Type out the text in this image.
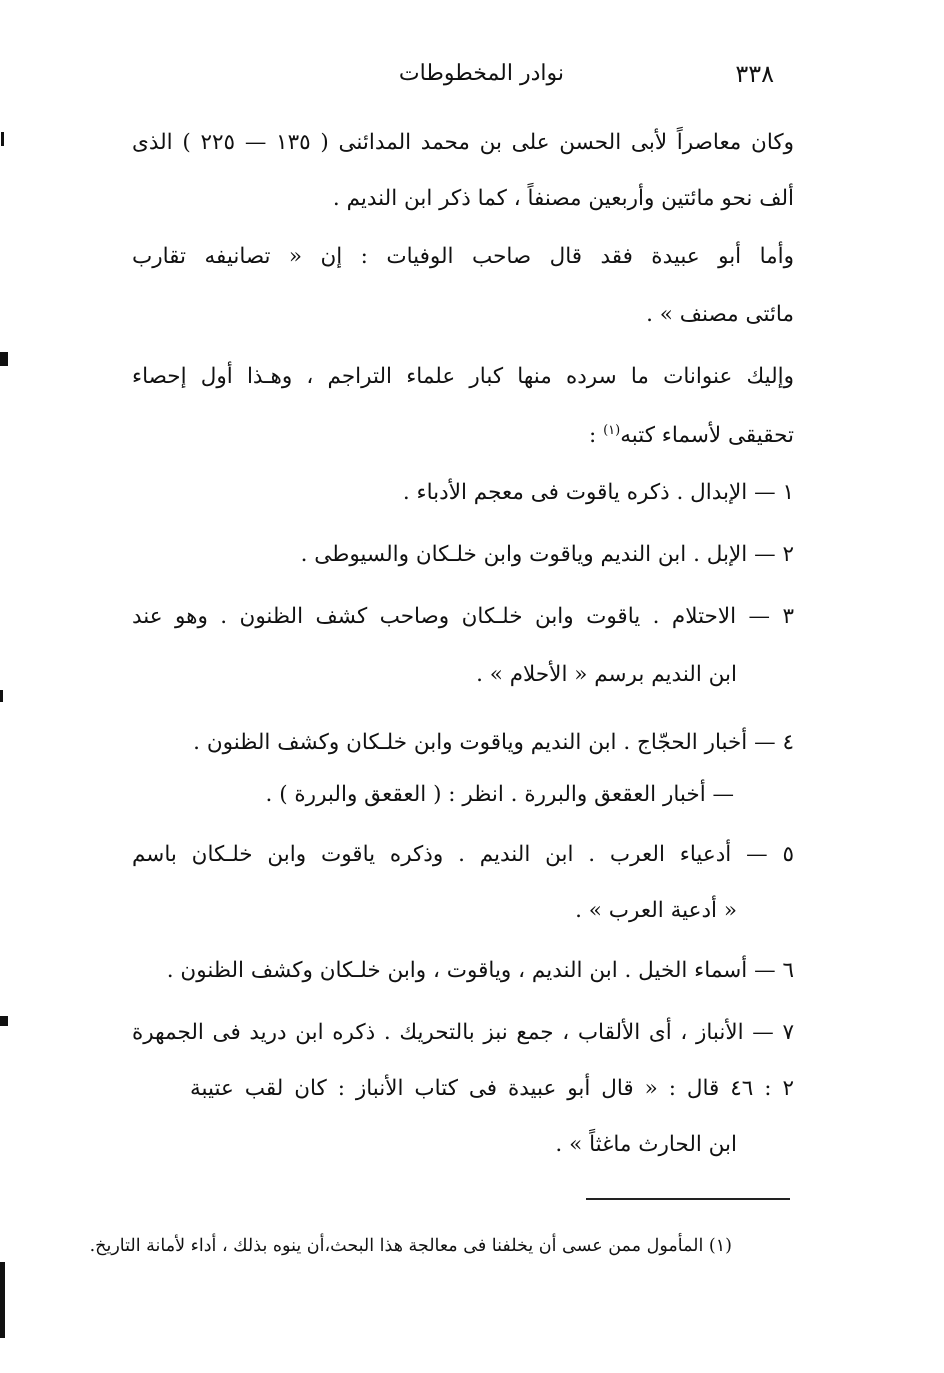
٣٣٨
نوادر المخطوطات
وكان معاصراً لأبى الحسن على بن محمد المدائنى ( ١٣٥ — ٢٢٥ ) الذى
ألف نحو مائتين وأربعين مصنفاً ، كما ذكر ابن النديم .
وأما أبو عبيدة فقد قال صاحب الوفيات : إن « تصانيفه تقارب
مائتى مصنف » .
وإليك عنوانات ما سرده منها كبار علماء التراجم ، وهـذا أول إحصاء
تحقيقى لأسماء كتبه$^{(١)}$ :
١ — الإبدال . ذكره ياقوت فى معجم الأدباء .
٢ — الإبل . ابن النديم وياقوت وابن خلـكان والسيوطى .
٣ — الاحتلام . ياقوت وابن خلـكان وصاحب كشف الظنون . وهو عند
ابن النديم برسم « الأحلام » .
٤ — أخبار الحجّاج . ابن النديم وياقوت وابن خلـكان وكشف الظنون .
— أخبار العقعق والبررة . انظر : ( العقعق والبررة ) .
٥ — أدعياء العرب . ابن النديم . وذكره ياقوت وابن خلـكان باسم
« أدعية العرب » .
٦ — أسماء الخيل . ابن النديم ، وياقوت ، وابن خلـكان وكشف الظنون .
٧ — الأنباز ، أى الألقاب ، جمع نبز بالتحريك . ذكره ابن دريد فى الجمهرة
٢ : ٤٦ قال : « قال أبو عبيدة فى كتاب الأنباز : كان لقب عتيبة
ابن الحارث ماغثاً » .
(١) المأمول ممن عسى أن يخلفنا فى معالجة هذا البحث،أن ينوه بذلك ، أداء لأمانة التاريخ.
